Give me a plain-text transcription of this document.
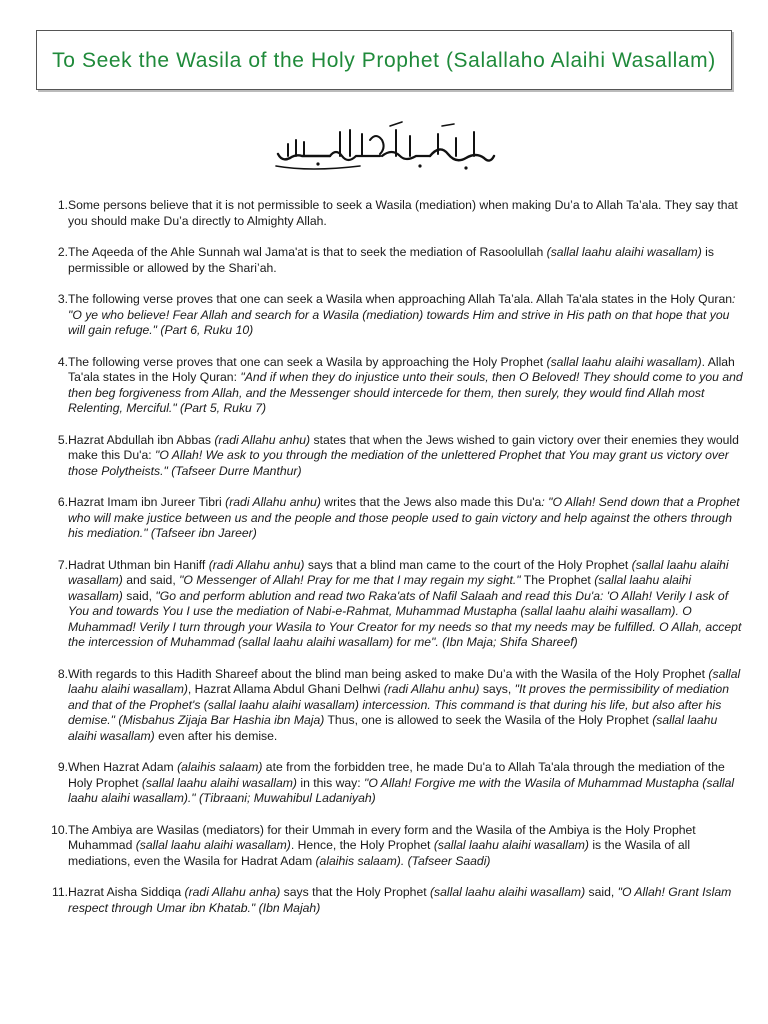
To Seek the Wasila of the Holy Prophet (Salallaho Alaihi Wasallam)
1. Some persons believe that it is not permissible to seek a Wasila (mediation) when making Du’a to Allah Ta’ala. They say that you should make Du’a directly to Almighty Allah.
2. The Aqeeda of the Ahle Sunnah wal Jama'at is that to seek the mediation of Rasoolullah (sallal laahu alaihi wasallam) is permissible or allowed by the Shari’ah.
3. The following verse proves that one can seek a Wasila when approaching Allah Ta’ala. Allah Ta'ala states in the Holy Quran: "O ye who believe! Fear Allah and search for a Wasila (mediation) towards Him and strive in His path on that hope that you will gain refuge." (Part 6, Ruku 10)
4. The following verse proves that one can seek a Wasila by approaching the Holy Prophet (sallal laahu alaihi wasallam). Allah Ta'ala states in the Holy Quran: "And if when they do injustice unto their souls, then O Beloved! They should come to you and then beg forgiveness from Allah, and the Messenger should intercede for them, then surely, they would find Allah most Relenting, Merciful." (Part 5, Ruku 7)
5. Hazrat Abdullah ibn Abbas (radi Allahu anhu) states that when the Jews wished to gain victory over their enemies they would make this Du'a: "O Allah! We ask to you through the mediation of the unlettered Prophet that You may grant us victory over those Polytheists." (Tafseer Durre Manthur)
6. Hazrat Imam ibn Jureer Tibri (radi Allahu anhu) writes that the Jews also made this Du'a: "O Allah! Send down that a Prophet who will make justice between us and the people and those people used to gain victory and help against the others through his mediation." (Tafseer ibn Jareer)
7. Hadrat Uthman bin Haniff (radi Allahu anhu) says that a blind man came to the court of the Holy Prophet (sallal laahu alaihi wasallam) and said, "O Messenger of Allah! Pray for me that I may regain my sight." The Prophet (sallal laahu alaihi wasallam) said, "Go and perform ablution and read two Raka'ats of Nafil Salaah and read this Du'a: 'O Allah! Verily I ask of You and towards You I use the mediation of Nabi-e-Rahmat, Muhammad Mustapha (sallal laahu alaihi wasallam). O Muhammad! Verily I turn through your Wasila to Your Creator for my needs so that my needs may be fulfilled. O Allah, accept the intercession of Muhammad (sallal laahu alaihi wasallam) for me". (Ibn Maja; Shifa Shareef)
8. With regards to this Hadith Shareef about the blind man being asked to make Du’a with the Wasila of the Holy Prophet (sallal laahu alaihi wasallam), Hazrat Allama Abdul Ghani Delhwi (radi Allahu anhu) says, "It proves the permissibility of mediation and that of the Prophet's (sallal laahu alaihi wasallam) intercession. This command is that during his life, but also after his demise." (Misbahus Zijaja Bar Hashia ibn Maja) Thus, one is allowed to seek the Wasila of the Holy Prophet (sallal laahu alaihi wasallam) even after his demise.
9. When Hazrat Adam (alaihis salaam) ate from the forbidden tree, he made Du'a to Allah Ta'ala through the mediation of the Holy Prophet (sallal laahu alaihi wasallam) in this way: "O Allah! Forgive me with the Wasila of Muhammad Mustapha (sallal laahu alaihi wasallam)." (Tibraani; Muwahibul Ladaniyah)
10. The Ambiya are Wasilas (mediators) for their Ummah in every form and the Wasila of the Ambiya is the Holy Prophet Muhammad (sallal laahu alaihi wasallam). Hence, the Holy Prophet (sallal laahu alaihi wasallam) is the Wasila of all mediations, even the Wasila for Hadrat Adam (alaihis salaam). (Tafseer Saadi)
11. Hazrat Aisha Siddiqa (radi Allahu anha) says that the Holy Prophet (sallal laahu alaihi wasallam) said, "O Allah! Grant Islam respect through Umar ibn Khatab." (Ibn Majah)
